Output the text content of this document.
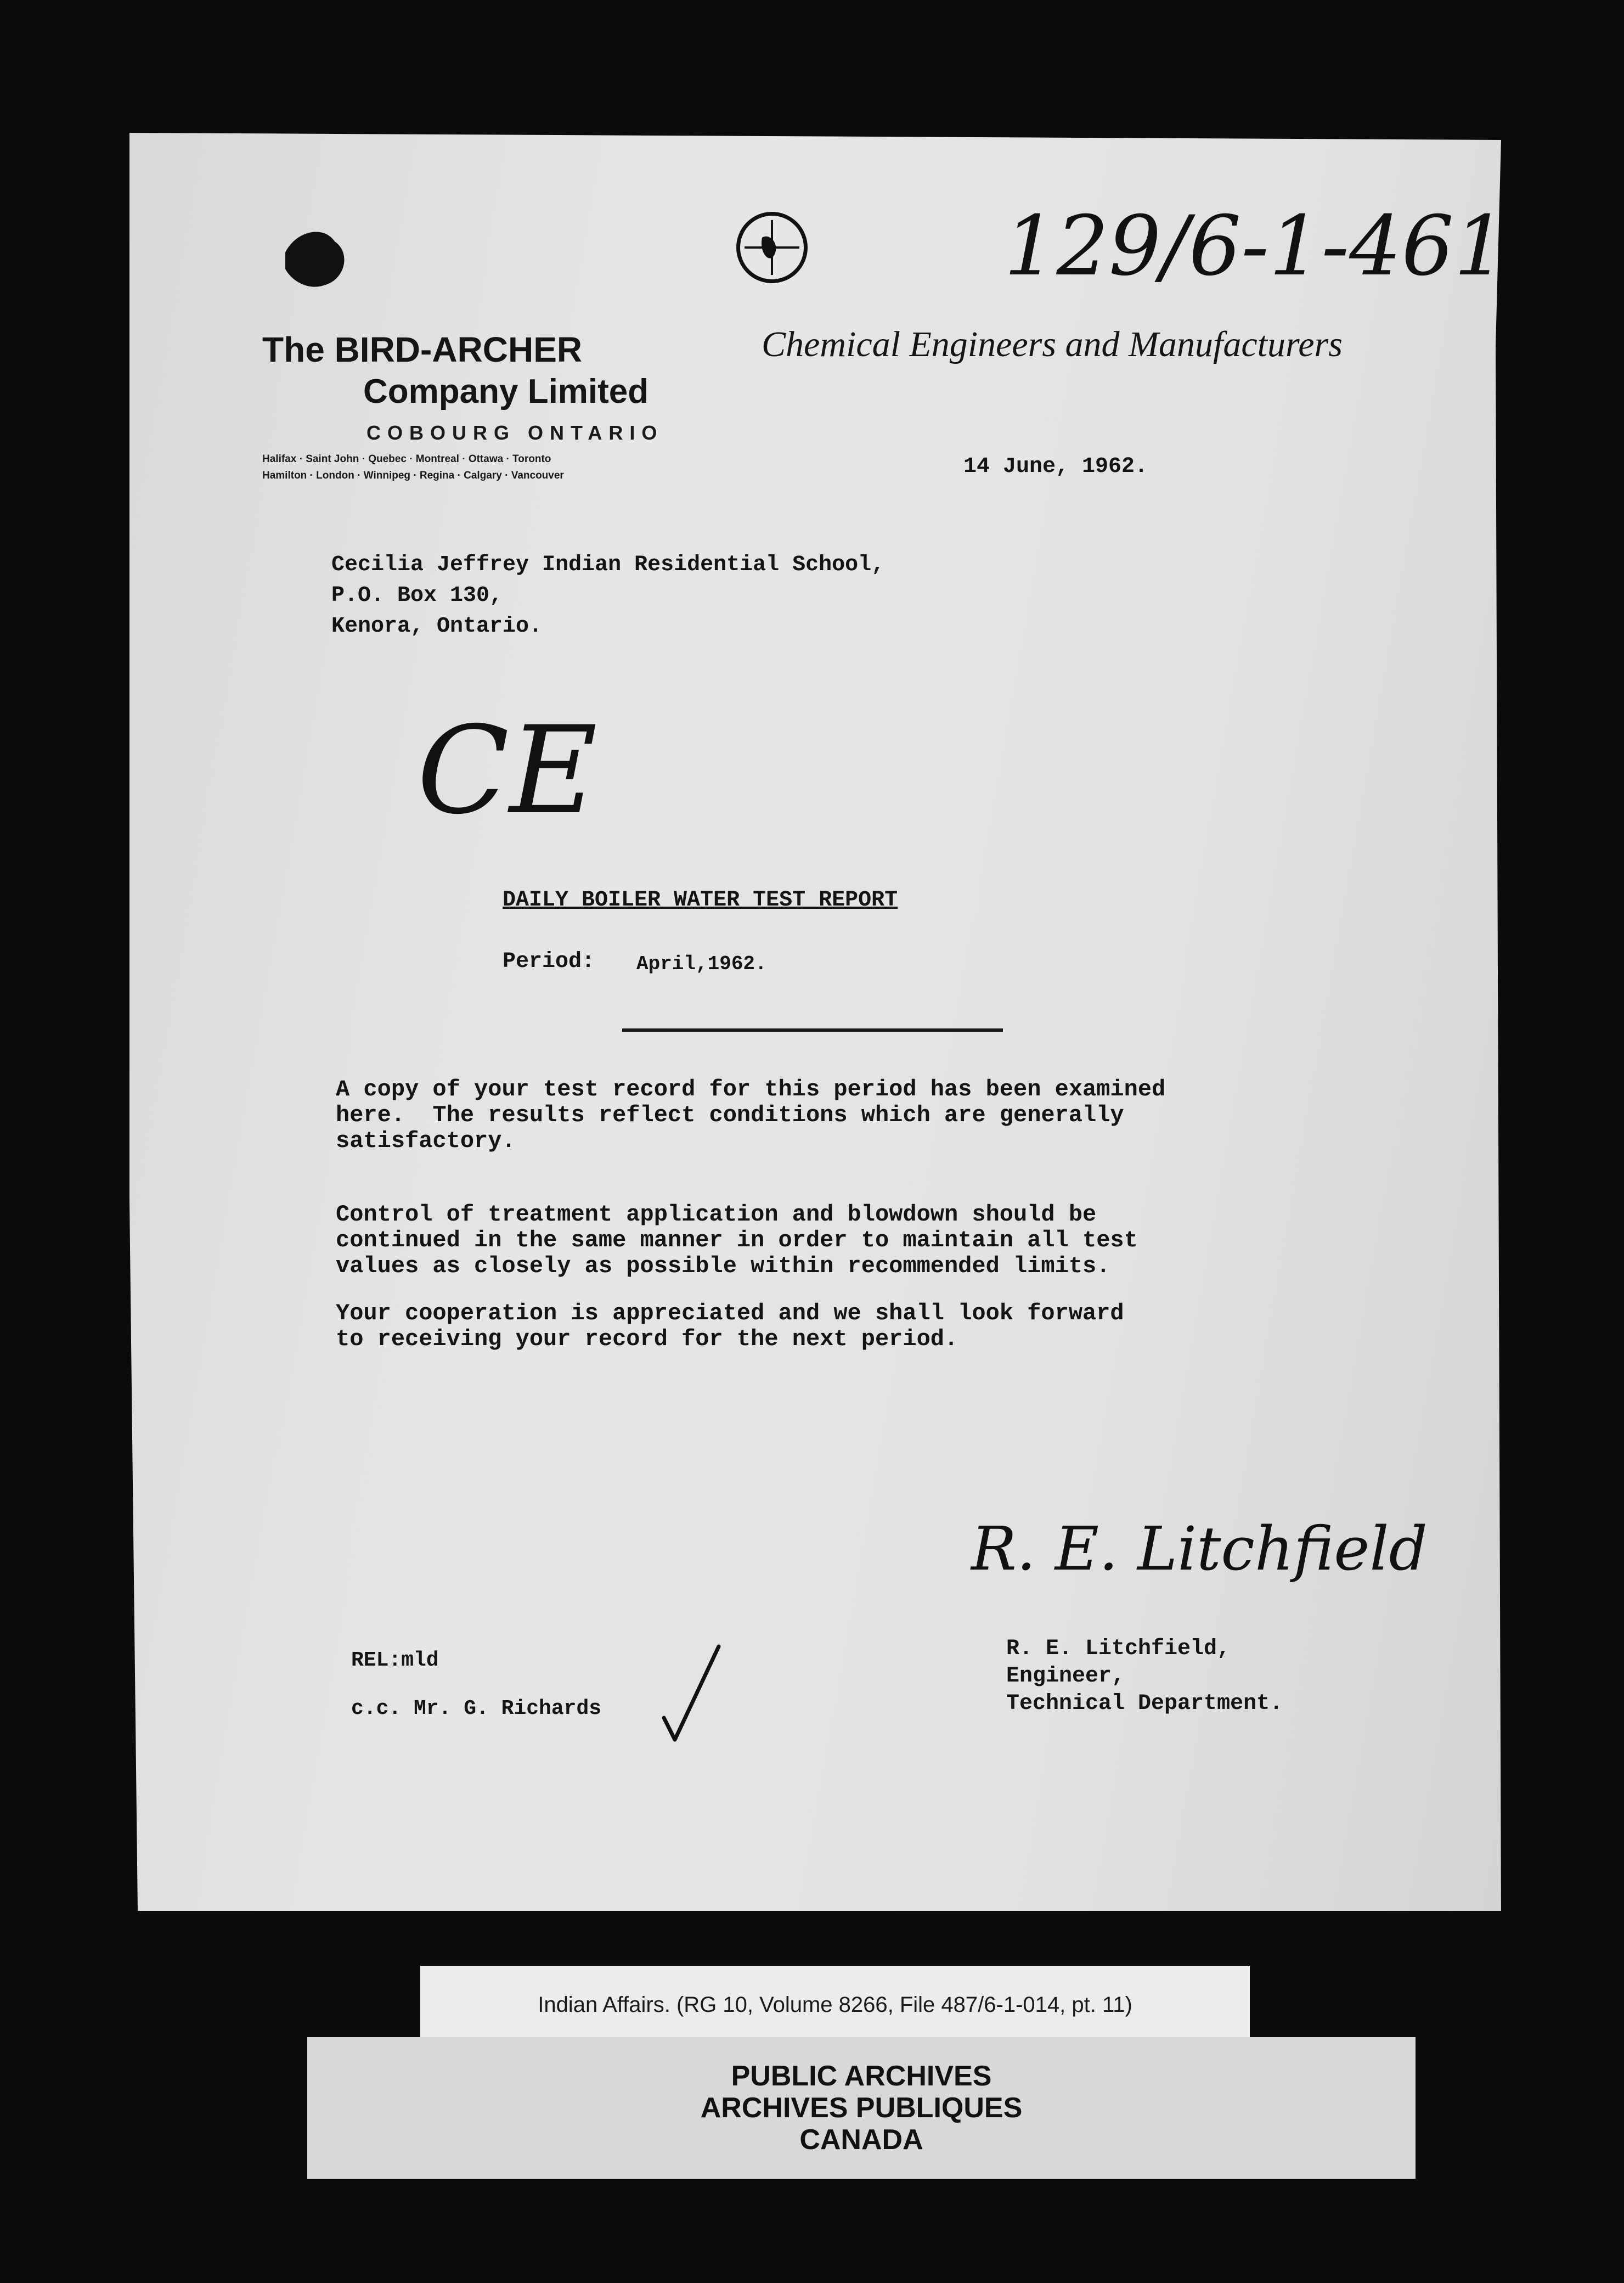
129/6-1-461
The BIRD-ARCHER
Company Limited
COBOURG ONTARIO
Halifax · Saint John · Quebec · Montreal · Ottawa · Toronto
Hamilton · London · Winnipeg · Regina · Calgary · Vancouver
Chemical Engineers and Manufacturers
14 June, 1962.
Cecilia Jeffrey Indian Residential School,
P.O. Box 130,
Kenora, Ontario.
CE
DAILY BOILER WATER TEST REPORT
Period: April,1962.
A copy of your test record for this period has been examined
here.  The results reflect conditions which are generally
satisfactory.
Control of treatment application and blowdown should be
continued in the same manner in order to maintain all test
values as closely as possible within recommended limits.
Your cooperation is appreciated and we shall look forward
to receiving your record for the next period.
R. E. Litchfield
R. E. Litchfield,
Engineer,
Technical Department.
REL:mld
c.c. Mr. G. Richards
Indian Affairs. (RG 10, Volume 8266, File 487/6-1-014, pt. 11)
PUBLIC ARCHIVES
ARCHIVES PUBLIQUES
CANADA
